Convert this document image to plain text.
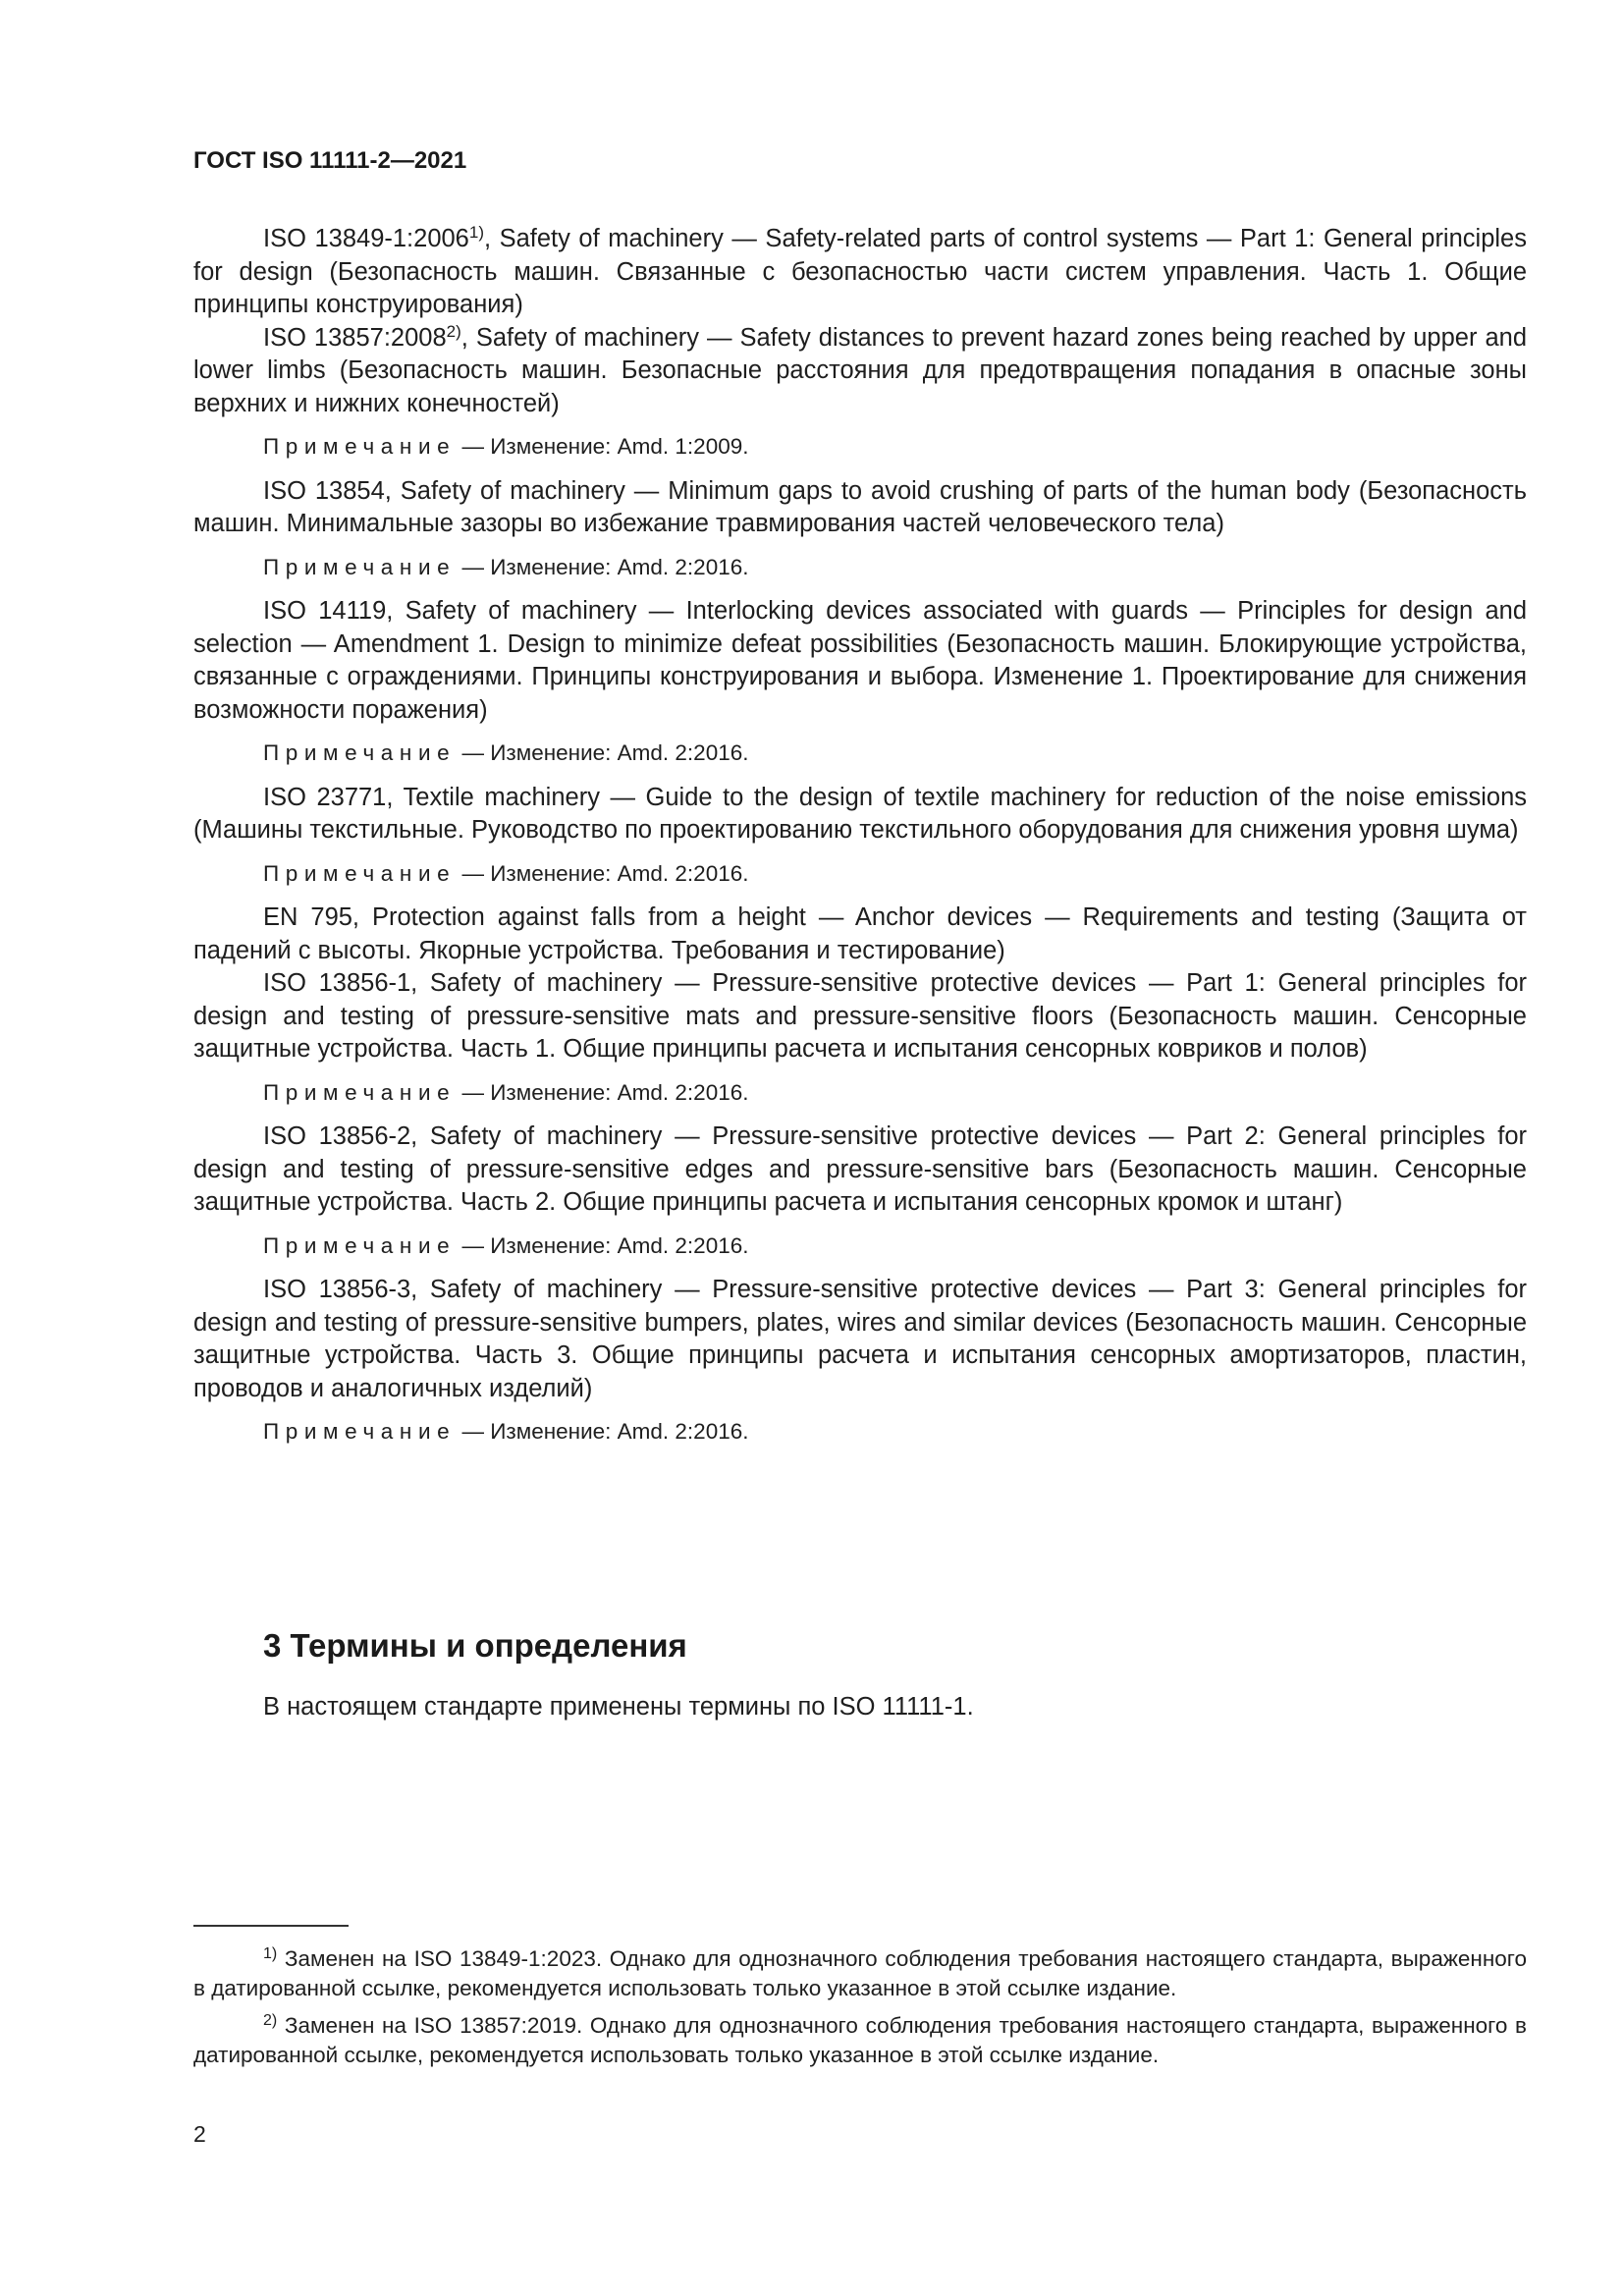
ГОСТ ISO 11111-2—2021

ISO 13849-1:2006$^{1)}$, Safety of machinery — Safety-related parts of control systems — Part 1: General principles for design (Безопасность машин. Связанные с безопасностью части систем управления. Часть 1. Общие принципы конструирования)

ISO 13857:2008$^{2)}$, Safety of machinery — Safety distances to prevent hazard zones being reached by upper and lower limbs (Безопасность машин. Безопасные расстояния для предотвращения попадания в опасные зоны верхних и нижних конечностей)

Примечание — Изменение: Amd. 1:2009.

ISO 13854, Safety of machinery — Minimum gaps to avoid crushing of parts of the human body (Безопасность машин. Минимальные зазоры во избежание травмирования частей человеческого тела)

Примечание — Изменение: Amd. 2:2016.

ISO 14119, Safety of machinery — Interlocking devices associated with guards — Principles for design and selection — Amendment 1. Design to minimize defeat possibilities (Безопасность машин. Блокирующие устройства, связанные с ограждениями. Принципы конструирования и выбора. Изменение 1. Проектирование для снижения возможности поражения)

Примечание — Изменение: Amd. 2:2016.

ISO 23771, Textile machinery — Guide to the design of textile machinery for reduction of the noise emissions (Машины текстильные. Руководство по проектированию текстильного оборудования для снижения уровня шума)

Примечание — Изменение: Amd. 2:2016.

EN 795, Protection against falls from a height — Anchor devices — Requirements and testing (Защита от падений с высоты. Якорные устройства. Требования и тестирование)

ISO 13856-1, Safety of machinery — Pressure-sensitive protective devices — Part 1: General principles for design and testing of pressure-sensitive mats and pressure-sensitive floors (Безопасность машин. Сенсорные защитные устройства. Часть 1. Общие принципы расчета и испытания сенсорных ковриков и полов)

Примечание — Изменение: Amd. 2:2016.

ISO 13856-2, Safety of machinery — Pressure-sensitive protective devices — Part 2: General principles for design and testing of pressure-sensitive edges and pressure-sensitive bars (Безопасность машин. Сенсорные защитные устройства. Часть 2. Общие принципы расчета и испытания сенсорных кромок и штанг)

Примечание — Изменение: Amd. 2:2016.

ISO 13856-3, Safety of machinery — Pressure-sensitive protective devices — Part 3: General principles for design and testing of pressure-sensitive bumpers, plates, wires and similar devices (Безопасность машин. Сенсорные защитные устройства. Часть 3. Общие принципы расчета и испытания сенсорных амортизаторов, пластин, проводов и аналогичных изделий)

Примечание — Изменение: Amd. 2:2016.

3 Термины и определения
В настоящем стандарте применены термины по ISO 11111-1.

$^{1)}$ Заменен на ISO 13849-1:2023. Однако для однозначного соблюдения требования настоящего стандарта, выраженного в датированной ссылке, рекомендуется использовать только указанное в этой ссылке издание.

$^{2)}$ Заменен на ISO 13857:2019. Однако для однозначного соблюдения требования настоящего стандарта, выраженного в датированной ссылке, рекомендуется использовать только указанное в этой ссылке издание.

2
